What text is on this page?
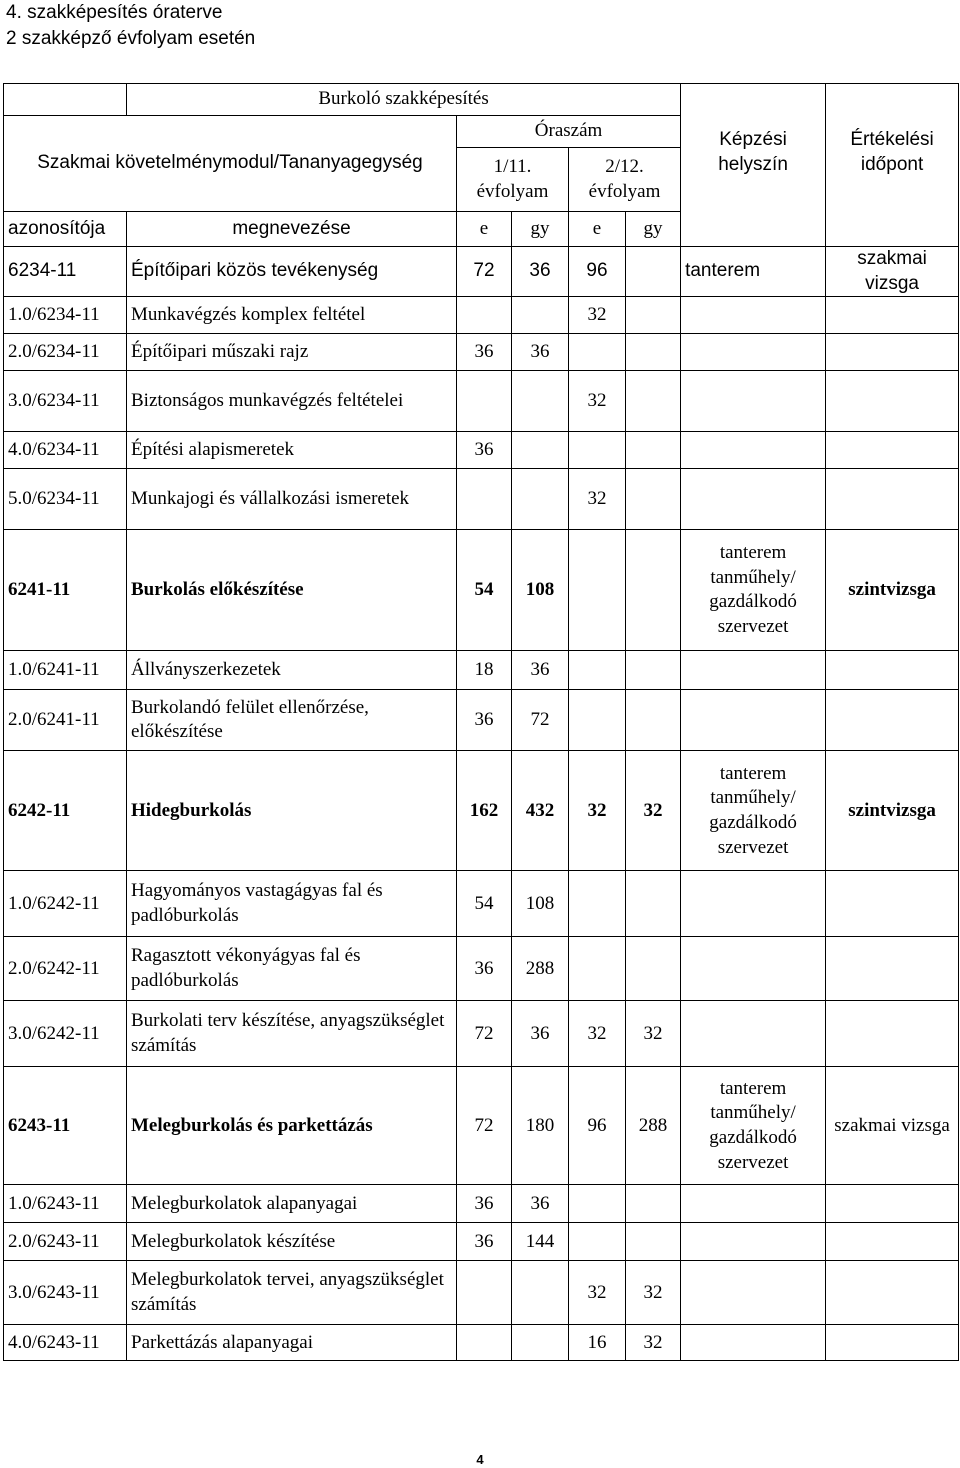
4. szakképesítés óraterve
2 szakképző évfolyam esetén
	Burkoló szakképesítés					Képzési helyszín	Értékelési időpont
Szakmai követelménymodul/Tananyagegység		Óraszám					
		1/11. évfolyam		2/12. évfolyam			
azonosítója	megnevezése	e	gy	e	gy		
6234-11	Építőipari közös tevékenység	72	36	96		tanterem	szakmai vizsga
1.0/6234-11	Munkavégzés komplex feltétel			32			
2.0/6234-11	Építőipari műszaki rajz	36	36				
3.0/6234-11	Biztonságos munkavégzés feltételei			32			
4.0/6234-11	Építési alapismeretek	36					
5.0/6234-11	Munkajogi és vállalkozási ismeretek			32			
6241-11	Burkolás előkészítése	54	108			tanterem tanműhely/ gazdálkodó szervezet	szintvizsga
1.0/6241-11	Állványszerkezetek	18	36				
2.0/6241-11	Burkolandó felület ellenőrzése, előkészítése	36	72				
6242-11	Hidegburkolás	162	432	32	32	tanterem tanműhely/ gazdálkodó szervezet	szintvizsga
1.0/6242-11	Hagyományos vastagágyas fal és padlóburkolás	54	108				
2.0/6242-11	Ragasztott vékonyágyas fal és padlóburkolás	36	288				
3.0/6242-11	Burkolati terv készítése, anyagszükséglet számítás	72	36	32	32		
6243-11	Melegburkolás és parkettázás	72	180	96	288	tanterem tanműhely/ gazdálkodó szervezet	szakmai vizsga
1.0/6243-11	Melegburkolatok alapanyagai	36	36				
2.0/6243-11	Melegburkolatok készítése	36	144				
3.0/6243-11	Melegburkolatok tervei, anyagszükséglet számítás			32	32		
4.0/6243-11	Parkettázás alapanyagai			16	32		
4
